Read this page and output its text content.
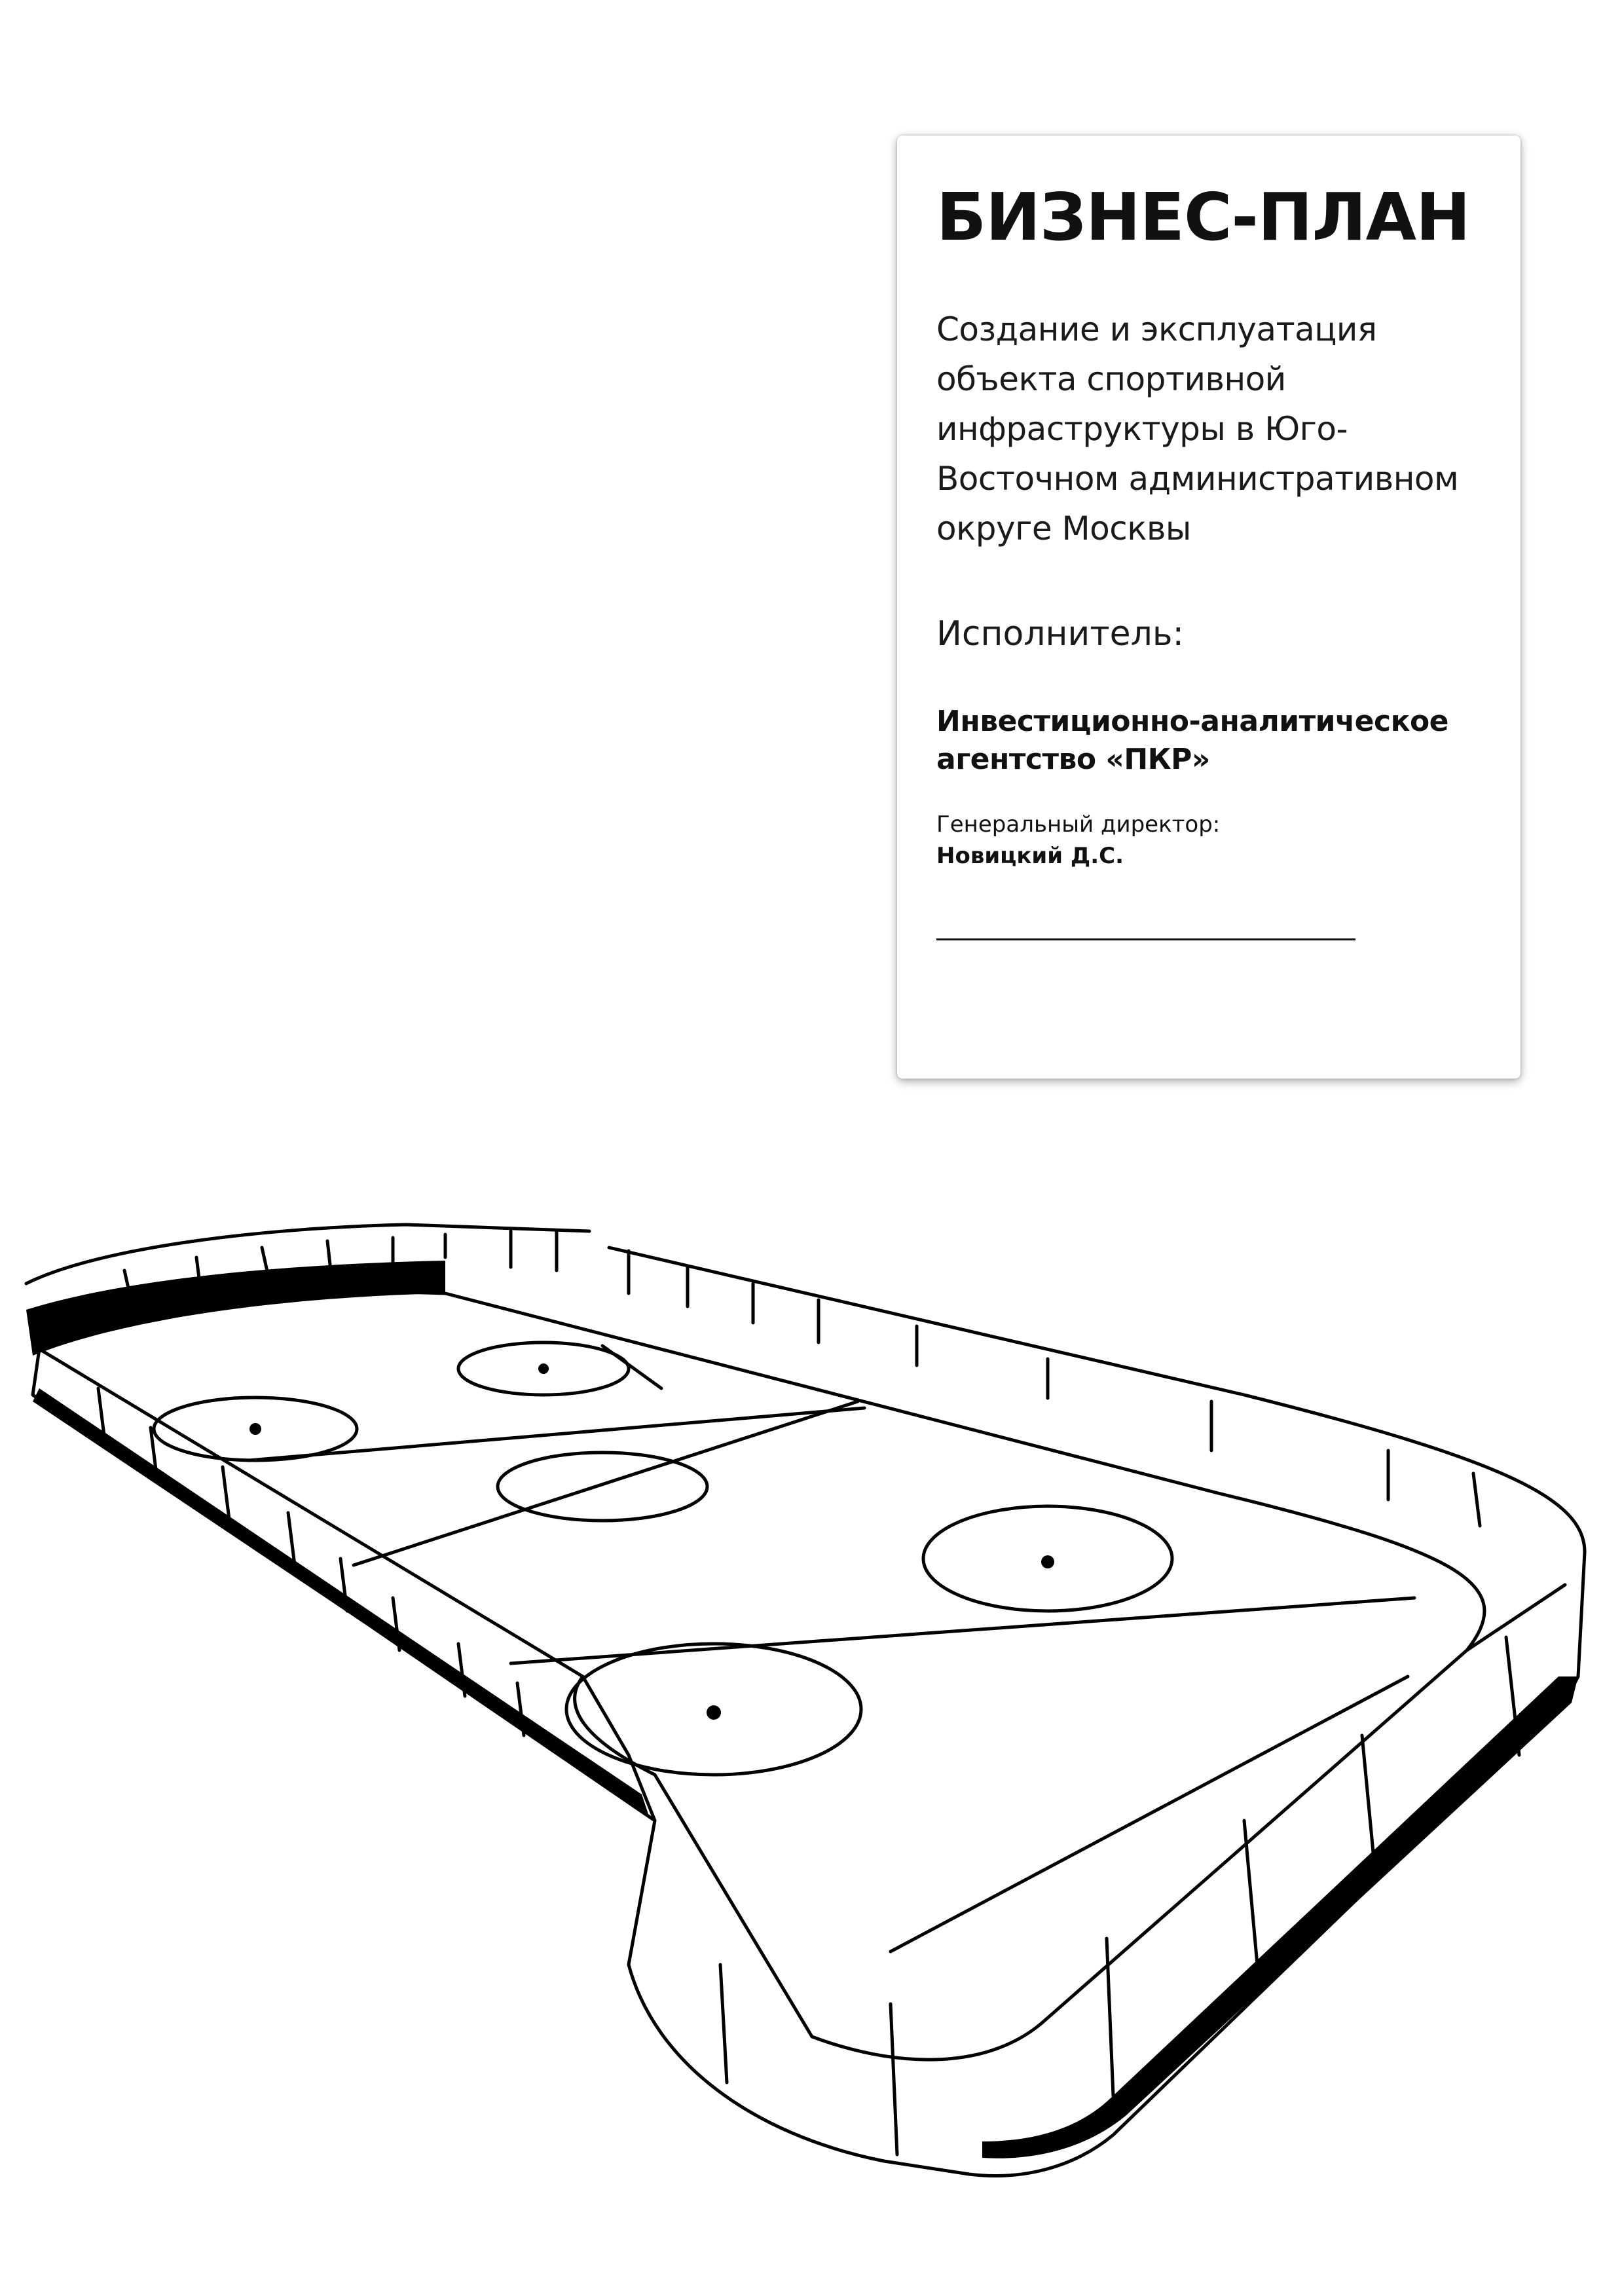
БИЗНЕС-ПЛАН

Создание и эксплуатация объекта спортивной инфраструктуры в Юго-Восточном административном округе Москвы

Исполнитель:

Инвестиционно-аналитическое агентство «ПКР»

Генеральный директор:

Новицкий Д.С.
